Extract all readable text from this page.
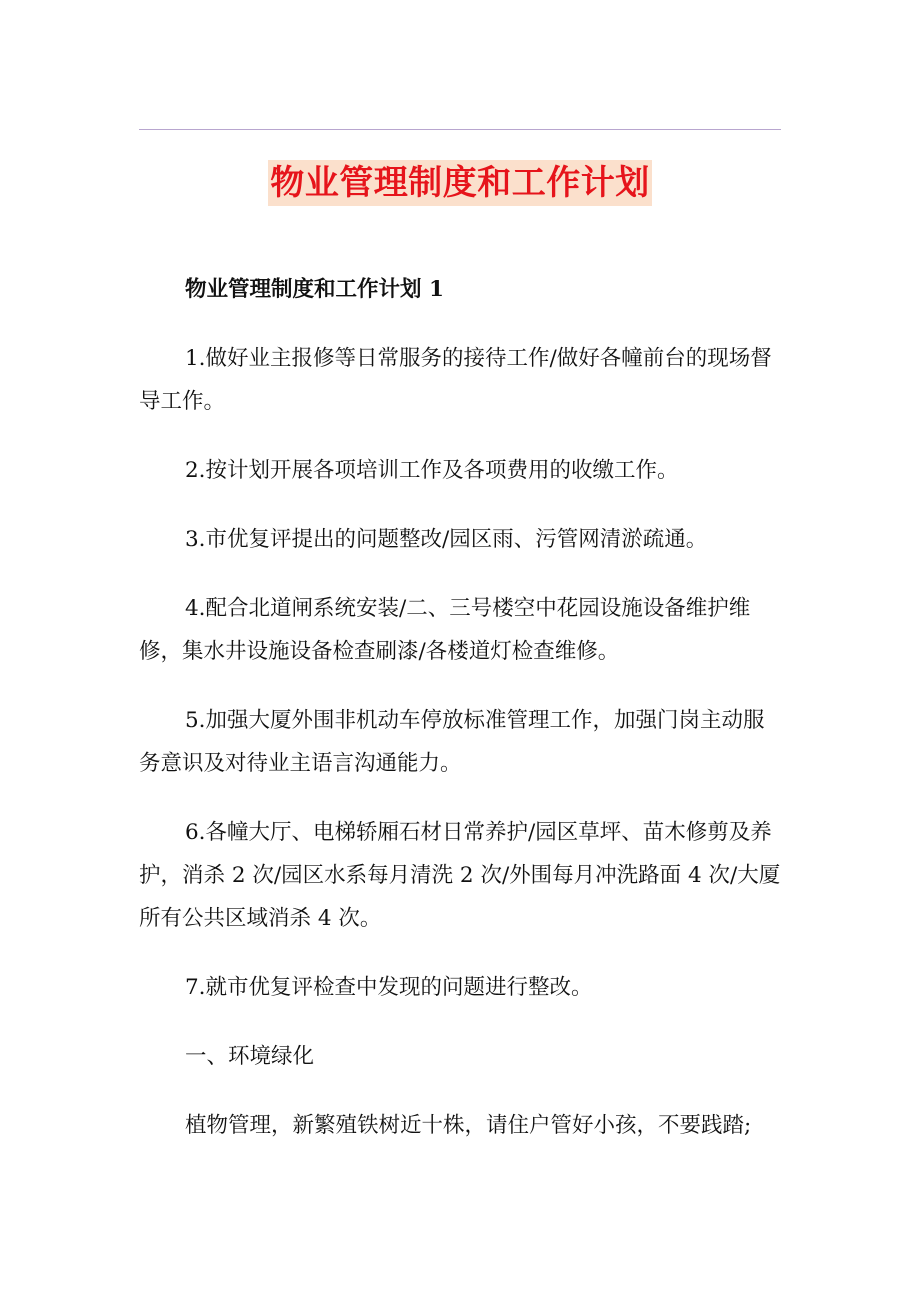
物业管理制度和工作计划

物业管理制度和工作计划 1

1.做好业主报修等日常服务的接待工作/做好各幢前台的现场督导工作。

2.按计划开展各项培训工作及各项费用的收缴工作。

3.市优复评提出的问题整改/园区雨、污管网清淤疏通。

4.配合北道闸系统安装/二、三号楼空中花园设施设备维护维修，集水井设施设备检查刷漆/各楼道灯检查维修。

5.加强大厦外围非机动车停放标准管理工作，加强门岗主动服务意识及对待业主语言沟通能力。

6.各幢大厅、电梯轿厢石材日常养护/园区草坪、苗木修剪及养护，消杀 2 次/园区水系每月清洗 2 次/外围每月冲洗路面 4 次/大厦所有公共区域消杀 4 次。

7.就市优复评检查中发现的问题进行整改。

一、环境绿化

植物管理，新繁殖铁树近十株，请住户管好小孩，不要践踏;
